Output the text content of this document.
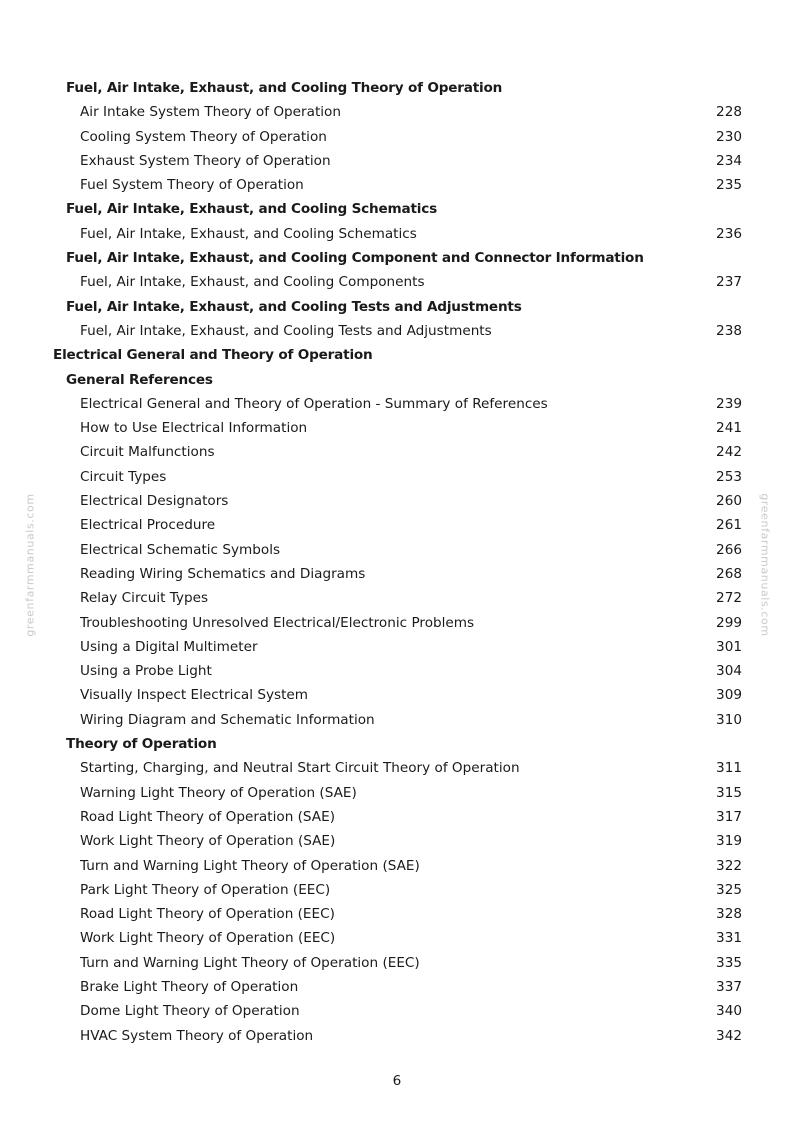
greenfarmmanuals.com	greenfarmmanuals.com
Fuel, Air Intake, Exhaust, and Cooling Theory of Operation
Air Intake System Theory of Operation	228
Cooling System Theory of Operation	230
Exhaust System Theory of Operation	234
Fuel System Theory of Operation	235
Fuel, Air Intake, Exhaust, and Cooling Schematics
Fuel, Air Intake, Exhaust, and Cooling Schematics	236
Fuel, Air Intake, Exhaust, and Cooling Component and Connector Information
Fuel, Air Intake, Exhaust, and Cooling Components	237
Fuel, Air Intake, Exhaust, and Cooling Tests and Adjustments
Fuel, Air Intake, Exhaust, and Cooling Tests and Adjustments	238
Electrical General and Theory of Operation
General References
Electrical General and Theory of Operation - Summary of References	239
How to Use Electrical Information	241
Circuit Malfunctions	242
Circuit Types	253
Electrical Designators	260
Electrical Procedure	261
Electrical Schematic Symbols	266
Reading Wiring Schematics and Diagrams	268
Relay Circuit Types	272
Troubleshooting Unresolved Electrical/Electronic Problems	299
Using a Digital Multimeter	301
Using a Probe Light	304
Visually Inspect Electrical System	309
Wiring Diagram and Schematic Information	310
Theory of Operation
Starting, Charging, and Neutral Start Circuit Theory of Operation	311
Warning Light Theory of Operation (SAE)	315
Road Light Theory of Operation (SAE)	317
Work Light Theory of Operation (SAE)	319
Turn and Warning Light Theory of Operation (SAE)	322
Park Light Theory of Operation (EEC)	325
Road Light Theory of Operation (EEC)	328
Work Light Theory of Operation (EEC)	331
Turn and Warning Light Theory of Operation (EEC)	335
Brake Light Theory of Operation	337
Dome Light Theory of Operation	340
HVAC System Theory of Operation	342
6
